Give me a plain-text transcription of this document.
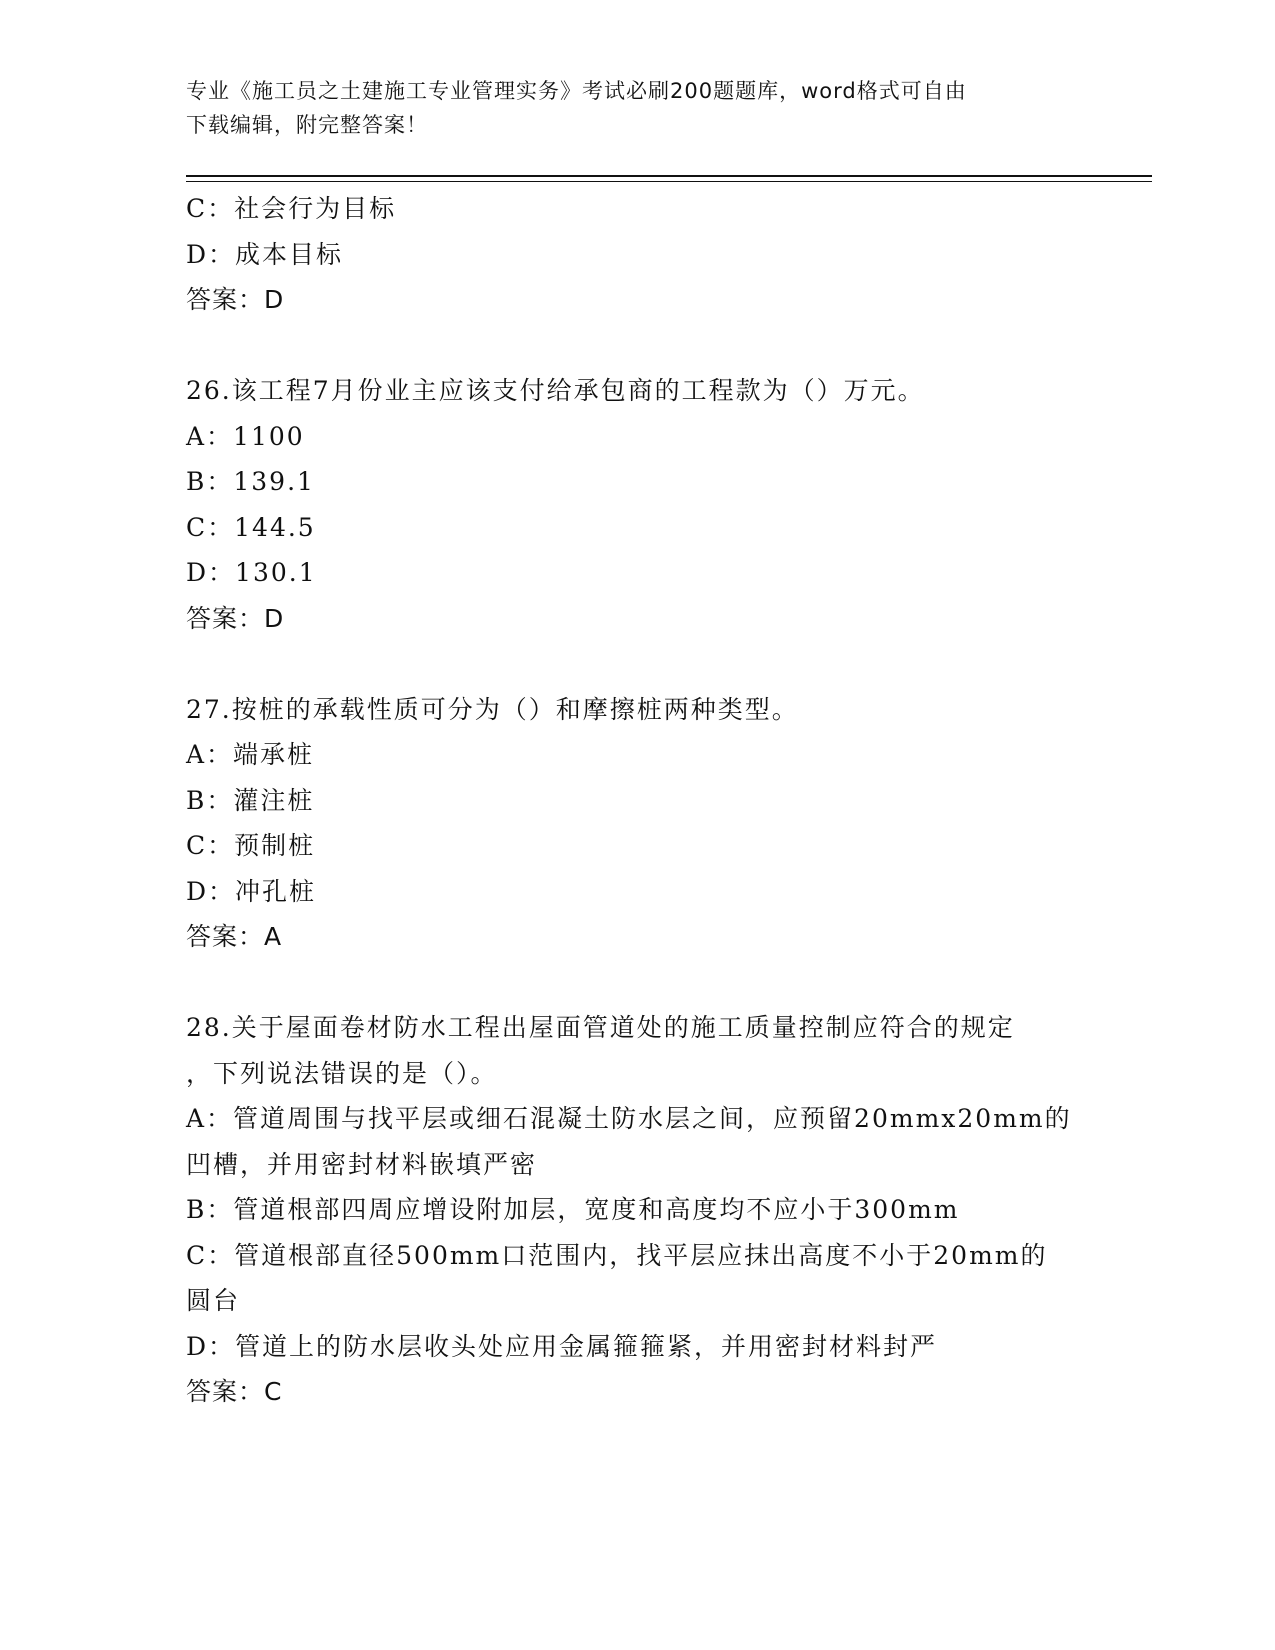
专业《施工员之土建施工专业管理实务》考试必刷200题题库，word格式可自由
下载编辑，附完整答案！
C：社会行为目标
D：成本目标
答案：D
26.该工程7月份业主应该支付给承包商的工程款为（）万元。
A：1100
B：139.1
C：144.5
D：130.1
答案：D
27.按桩的承载性质可分为（）和摩擦桩两种类型。
A：端承桩
B：灌注桩
C：预制桩
D：冲孔桩
答案：A
28.关于屋面卷材防水工程出屋面管道处的施工质量控制应符合的规定
，下列说法错误的是（）。
A：管道周围与找平层或细石混凝土防水层之间，应预留20mmx20mm的
凹槽，并用密封材料嵌填严密
B：管道根部四周应增设附加层，宽度和高度均不应小于300mm
C：管道根部直径500mm口范围内，找平层应抹出高度不小于20mm的
圆台
D：管道上的防水层收头处应用金属箍箍紧，并用密封材料封严
答案：C
